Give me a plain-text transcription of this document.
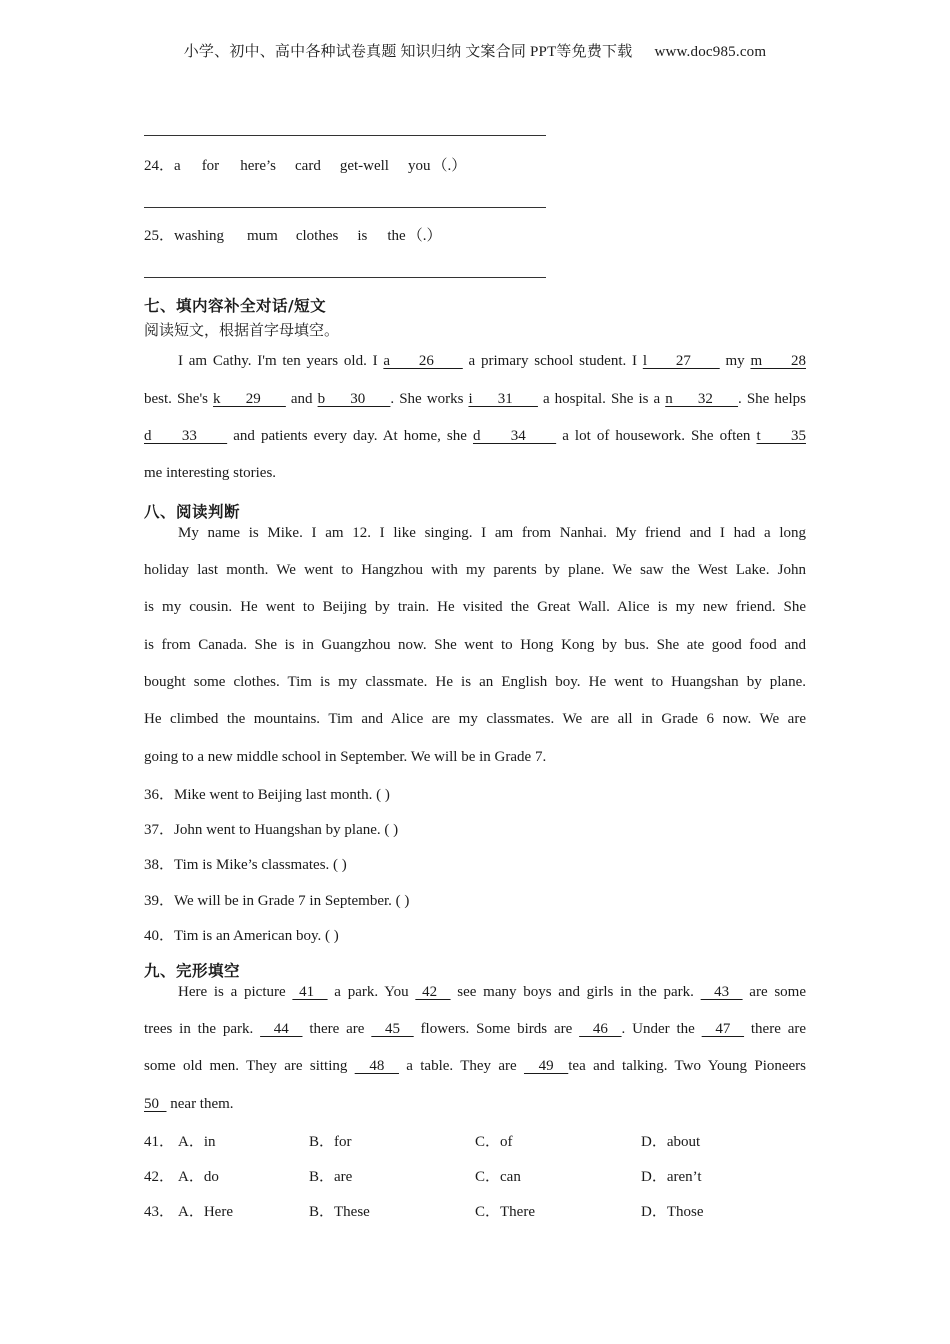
小学、初中、高中各种试卷真题 知识归纳 文案合同 PPT等免费下载 www.doc985.com
24．a for here’s card get-well you （.）
25．washing mum clothes is the （.）
七、填内容补全对话/短文
阅读短文，根据首字母填空。
I am Cathy. I'm ten years old. I a     26      a primary school student. I l     27      my m     28
best. She's k     29      and b     30     . She works i     31      a hospital. She is a n     32     . She helps
d     33      and patients every day. At home, she d     34      a lot of housework. She often t     35
me interesting stories.
八、阅读判断
My name is Mike. I am 12. I like singing. I am from Nanhai. My friend and I had a long
holiday last month. We went to Hangzhou with my parents by plane. We saw the West Lake. John
is my cousin. He went to Beijing by train. He visited the Great Wall. Alice is my new friend. She
is from Canada. She is in Guangzhou now. She went to Hong Kong by bus. She ate good food and
bought some clothes. Tim is my classmate. He is an English boy. He went to Huangshan by plane.
He climbed the mountains. Tim and Alice are my classmates. We are all in Grade 6 now. We are
going to a new middle school in September. We will be in Grade 7.
36．Mike went to Beijing last month. ( )
37．John went to Huangshan by plane. ( )
38．Tim is Mike’s classmates. ( )
39．We will be in Grade 7 in September. ( )
40．Tim is an American boy. ( )
九、完形填空
Here is a picture  41   a park. You  42   see many boys and girls in the park.   43   are some
trees in the park.   44   there are   45   flowers. Some birds are   46  . Under the   47   there are
some old men. They are sitting   48   a table. They are   49  tea and talking. Two Young Pioneers
50   near them.
41． A．in	B．for	C．of	D．about
42． A．do	B．are	C．can	D．aren’t
43． A．Here	B．These	C．There	D．Those
